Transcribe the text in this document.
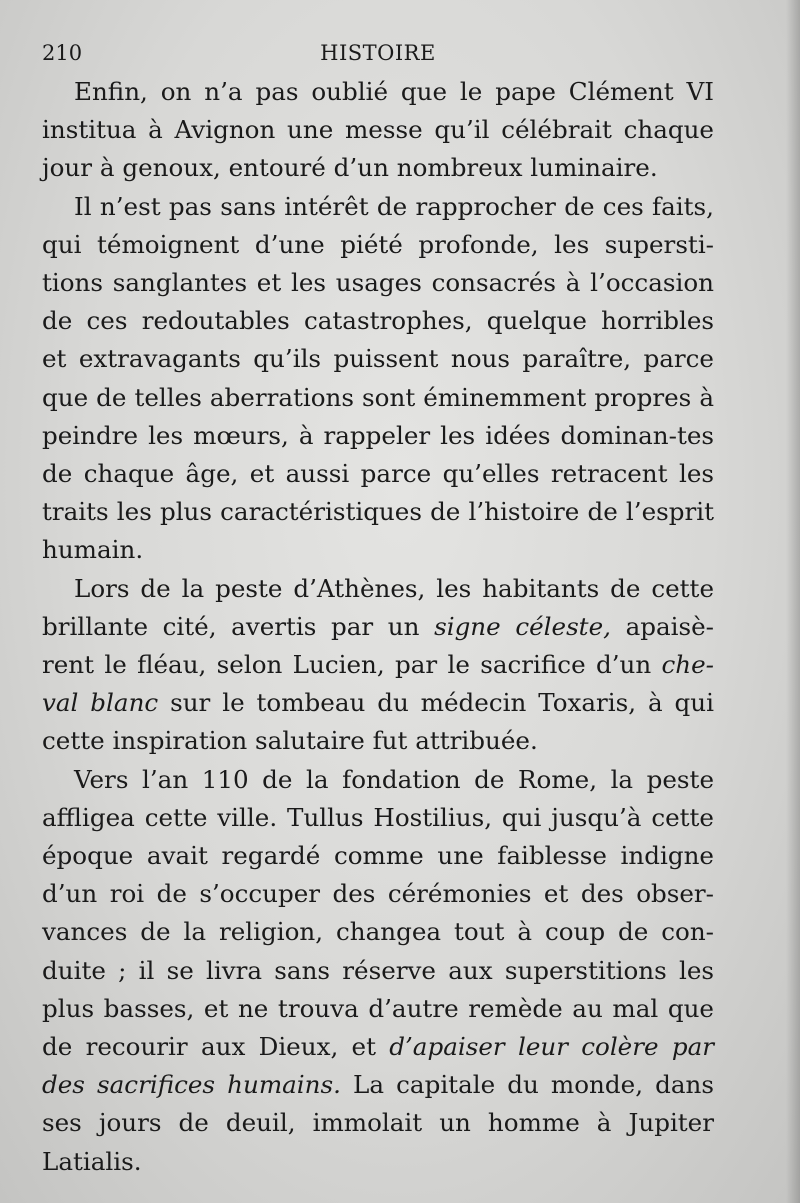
210	HISTOIRE

Enfin, on n’a pas oublié que le pape Clément VI institua à Avignon une messe qu’il célébrait chaque jour à genoux, entouré d’un nombreux luminaire.

Il n’est pas sans intérêt de rapprocher de ces faits, qui témoignent d’une piété profonde, les supersti-tions sanglantes et les usages consacrés à l’occasion de ces redoutables catastrophes, quelque horribles et extravagants qu’ils puissent nous paraître, parce que de telles aberrations sont éminemment propres à peindre les mœurs, à rappeler les idées dominan-tes de chaque âge, et aussi parce qu’elles retracent les traits les plus caractéristiques de l’histoire de l’esprit humain.

Lors de la peste d’Athènes, les habitants de cette brillante cité, avertis par un signe céleste, apaisè-rent le fléau, selon Lucien, par le sacrifice d’un che-val blanc sur le tombeau du médecin Toxaris, à qui cette inspiration salutaire fut attribuée.

Vers l’an 110 de la fondation de Rome, la peste affligea cette ville. Tullus Hostilius, qui jusqu’à cette époque avait regardé comme une faiblesse indigne d’un roi de s’occuper des cérémonies et des obser-vances de la religion, changea tout à coup de con-duite ; il se livra sans réserve aux superstitions les plus basses, et ne trouva d’autre remède au mal que de recourir aux Dieux, et d’apaiser leur colère par des sacrifices humains. La capitale du monde, dans ses jours de deuil, immolait un homme à Jupiter Latialis.
